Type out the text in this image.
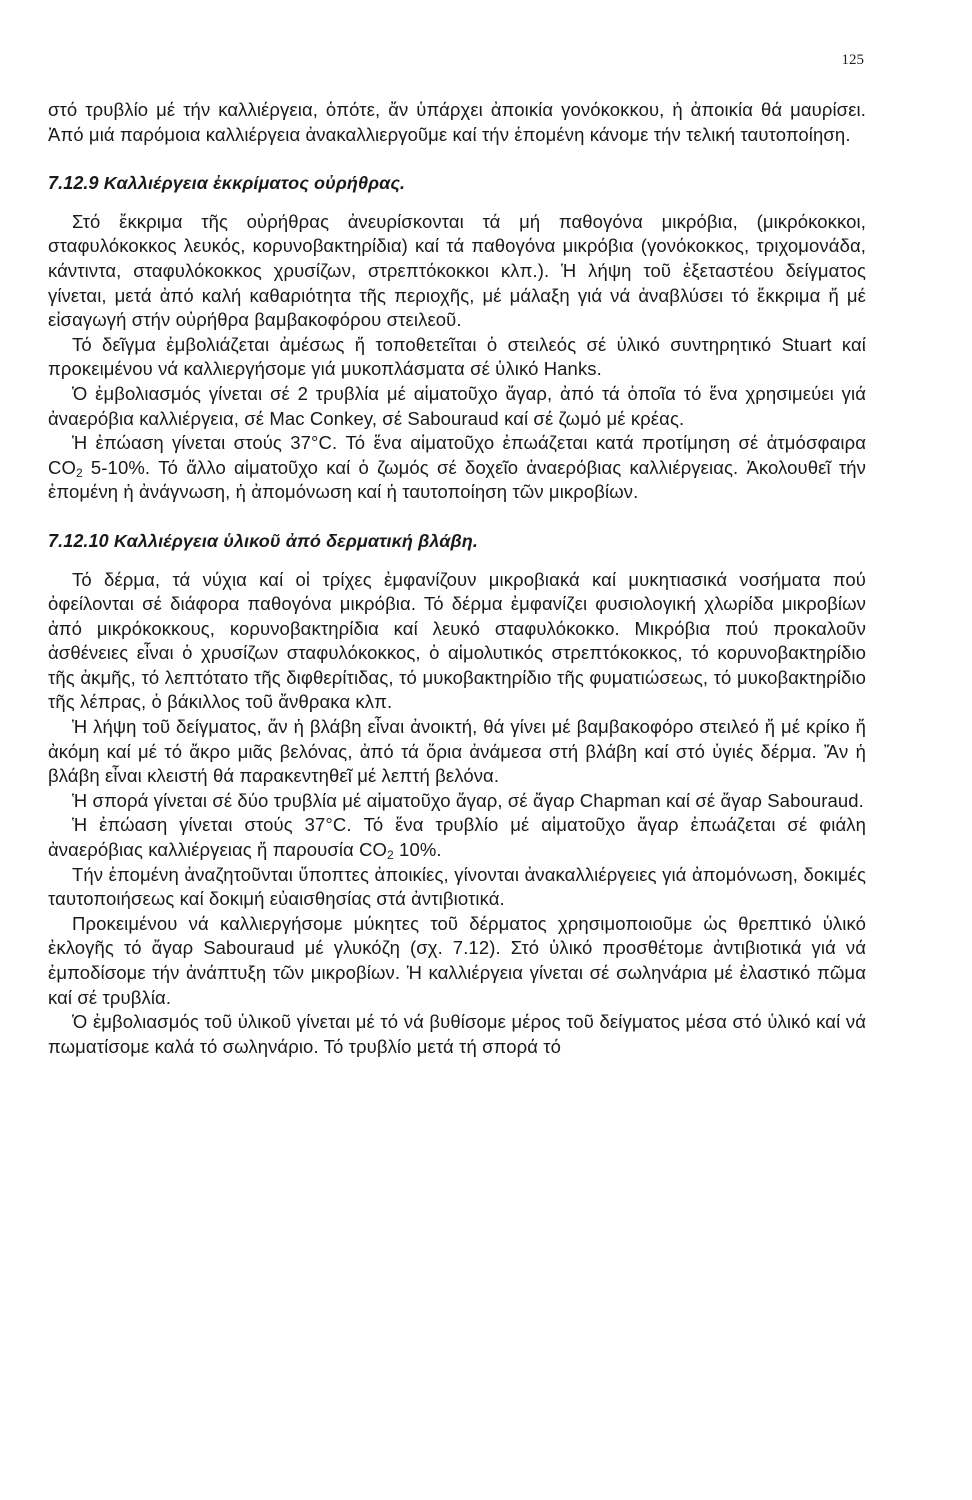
125

στό τρυβλίο μέ τήν καλλιέργεια, ὁπότε, ἄν ὑπάρχει ἀποικία γονόκοκκου, ἡ ἀποικία θά μαυρίσει. Ἀπό μιά παρόμοια καλλιέργεια ἀνακαλλιεργοῦμε καί τήν ἑπομένη κάνομε τήν τελική ταυτοποίηση.

7.12.9 Καλλιέργεια ἐκκρίματος οὐρήθρας.

Στό ἔκκριμα τῆς οὐρήθρας ἀνευρίσκονται τά μή παθογόνα μικρόβια, (μικρόκοκκοι, σταφυλόκοκκος λευκός, κορυνοβακτηρίδια) καί τά παθογόνα μικρόβια (γονόκοκκος, τριχομονάδα, κάντιντα, σταφυλόκοκκος χρυσίζων, στρεπτόκοκκοι κλπ.). Ἡ λήψη τοῦ ἐξεταστέου δείγματος γίνεται, μετά ἀπό καλή καθαριότητα τῆς περιοχῆς, μέ μάλαξη γιά νά ἀναβλύσει τό ἔκκριμα ἤ μέ εἰσαγωγή στήν οὐρήθρα βαμβακοφόρου στειλεοῦ.

Τό δεῖγμα ἐμβολιάζεται ἀμέσως ἤ τοποθετεῖται ὁ στειλεός σέ ὑλικό συντηρητικό Stuart καί προκειμένου νά καλλιεργήσομε γιά μυκοπλάσματα σέ ὑλικό Hanks.

Ὁ ἐμβολιασμός γίνεται σέ 2 τρυβλία μέ αἱματοῦχο ἄγαρ, ἀπό τά ὁποῖα τό ἕνα χρησιμεύει γιά ἀναερόβια καλλιέργεια, σέ Mac Conkey, σέ Sabouraud καί σέ ζωμό μέ κρέας.

Ἡ ἐπώαση γίνεται στούς 37°C. Τό ἕνα αἱματοῦχο ἐπωάζεται κατά προτίμηση σέ ἀτμόσφαιρα $CO_2$ 5-10%. Τό ἄλλο αἱματοῦχο καί ὁ ζωμός σέ δοχεῖο ἀναερόβιας καλλιέργειας. Ἀκολουθεῖ τήν ἑπομένη ἡ ἀνάγνωση, ἡ ἀπομόνωση καί ἡ ταυτοποίηση τῶν μικροβίων.

7.12.10 Καλλιέργεια ὑλικοῦ ἀπό δερματική βλάβη.

Τό δέρμα, τά νύχια καί οἱ τρίχες ἐμφανίζουν μικροβιακά καί μυκητιασικά νοσήματα πού ὀφείλονται σέ διάφορα παθογόνα μικρόβια. Τό δέρμα ἐμφανίζει φυσιολογική χλωρίδα μικροβίων ἀπό μικρόκοκκους, κορυνοβακτηρίδια καί λευκό σταφυλόκοκκο. Μικρόβια πού προκαλοῦν ἀσθένειες εἶναι ὁ χρυσίζων σταφυλόκοκκος, ὁ αἱμολυτικός στρεπτόκοκκος, τό κορυνοβακτηρίδιο τῆς ἀκμῆς, τό λεπτότατο τῆς διφθερίτιδας, τό μυκοβακτηρίδιο τῆς φυματιώσεως, τό μυκοβακτηρίδιο τῆς λέπρας, ὁ βάκιλλος τοῦ ἄνθρακα κλπ.

Ἡ λήψη τοῦ δείγματος, ἄν ἡ βλάβη εἶναι ἀνοικτή, θά γίνει μέ βαμβακοφόρο στειλεό ἤ μέ κρίκο ἤ ἀκόμη καί μέ τό ἄκρο μιᾶς βελόνας, ἀπό τά ὅρια ἀνάμεσα στή βλάβη καί στό ὑγιές δέρμα. Ἄν ἡ βλάβη εἶναι κλειστή θά παρακεντηθεῖ μέ λεπτή βελόνα.

Ἡ σπορά γίνεται σέ δύο τρυβλία μέ αἱματοῦχο ἄγαρ, σέ ἄγαρ Chapman καί σέ ἄγαρ Sabouraud.

Ἡ ἐπώαση γίνεται στούς 37°C. Τό ἕνα τρυβλίο μέ αἱματοῦχο ἄγαρ ἐπωάζεται σέ φιάλη ἀναερόβιας καλλιέργειας ἤ παρουσία $CO_2$ 10%.

Τήν ἑπομένη ἀναζητοῦνται ὕποπτες ἀποικίες, γίνονται ἀνακαλλιέργειες γιά ἀπομόνωση, δοκιμές ταυτοποιήσεως καί δοκιμή εὐαισθησίας στά ἀντιβιοτικά.

Προκειμένου νά καλλιεργήσομε μύκητες τοῦ δέρματος χρησιμοποιοῦμε ὡς θρεπτικό ὑλικό ἐκλογῆς τό ἄγαρ Sabouraud μέ γλυκόζη (σχ. 7.12). Στό ὑλικό προσθέτομε ἀντιβιοτικά γιά νά ἐμποδίσομε τήν ἀνάπτυξη τῶν μικροβίων. Ἡ καλλιέργεια γίνεται σέ σωληνάρια μέ ἐλαστικό πῶμα καί σέ τρυβλία.

Ὁ ἐμβολιασμός τοῦ ὑλικοῦ γίνεται μέ τό νά βυθίσομε μέρος τοῦ δείγματος μέσα στό ὑλικό καί νά πωματίσομε καλά τό σωληνάριο. Τό τρυβλίο μετά τή σπορά τό
